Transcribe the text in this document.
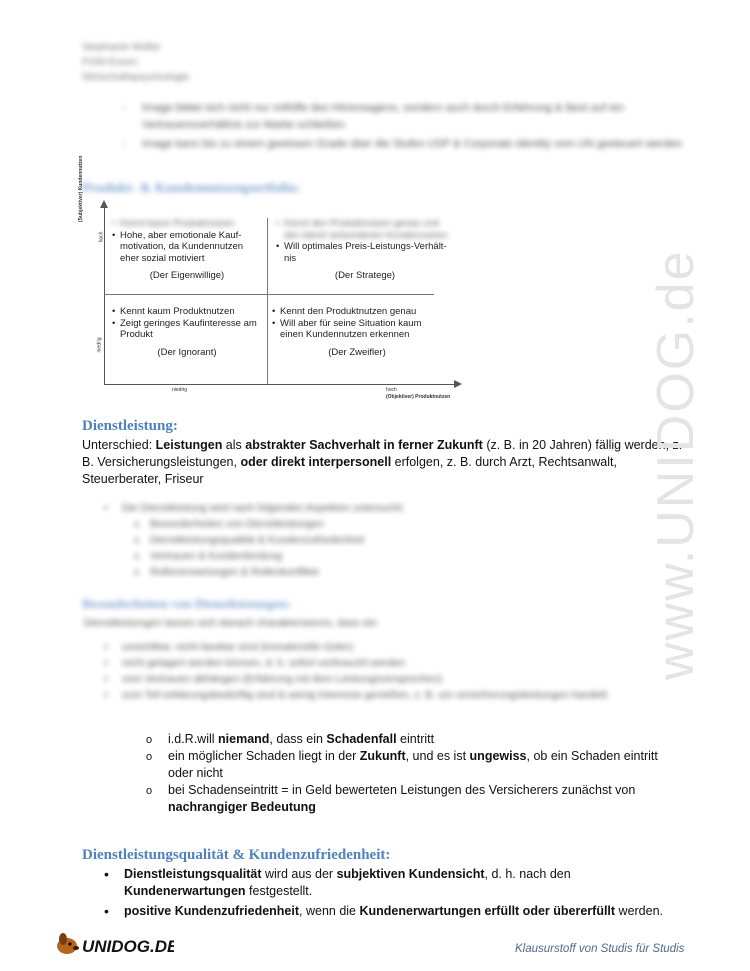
Stephanie Müller
FOM Essen
Wirtschaftspsychologie
- Image bildet sich nicht nur mithilfe des Hörensagens, sondern auch durch Erfahrung & lässt auf ein Vertrauensverhältnis zur Marke schließen.
- Image kann bis zu einem gewissen Grade über die Stufen USP & Corporate Identity vom UN gesteuert werden
Produkt- & Kundennutzenportfolio:
(Subjektiver) Kundennutzen
hoch
niedrig
• Kennt kaum Produktnutzen
• Hohe, aber emotionale Kauf-motivation, da Kundennutzen eher sozial motiviert
(Der Eigenwillige)
• Kennt den Produktnutzen genau und den damit verbundenen Kundennutzen
• Will optimales Preis-Leistungs-Verhält-nis
(Der Stratege)
• Kennt kaum Produktnutzen
• Zeigt geringes Kaufinteresse am Produkt
(Der Ignorant)
• Kennt den Produktnutzen genau
• Will aber für seine Situation kaum einen Kundennutzen erkennen
(Der Zweifler)
niedrig	hoch
(Objektiver) Produktnutzen
Dienstleistung:
Unterschied: Leistungen als abstrakter Sachverhalt in ferner Zukunft (z. B. in 20 Jahren) fällig werden, z. B. Versicherungsleistungen, oder direkt interpersonell erfolgen, z. B. durch Arzt, Rechtsanwalt, Steuerberater, Friseur
• Die Dienstleistung wird nach folgenden Aspekten untersucht:
o Besonderheiten von Dienstleistungen
o Dienstleistungsqualität & Kundenzufriedenheit
o Vertrauen & Kundenbindung
o Rollenerwartungen & Rollenkonflikte
Besonderheiten von Dienstleistungen:
Dienstleistungen lassen sich danach charakterisieren, dass sie:
• unsichtbar, nicht fassbar sind (immaterielle Güter)
• nicht gelagert werden können, d. h. sofort verbraucht werden
• vom Vertrauen abhängen (Erfahrung mit dem Leistungsversprechen)
• zum Teil erklärungsbedürftig sind & wenig Interesse genießen, z. B. um versicherungsleistungen handelt:
o i.d.R.will niemand, dass ein Schadenfall eintritt
o ein möglicher Schaden liegt in der Zukunft, und es ist ungewiss, ob ein Schaden eintritt oder nicht
o bei Schadenseintritt = in Geld bewerteten Leistungen des Versicherers zunächst von nachrangiger Bedeutung
Dienstleistungsqualität & Kundenzufriedenheit:
• Dienstleistungsqualität wird aus der subjektiven Kundensicht, d. h. nach den Kundenerwartungen festgestellt.
• positive Kundenzufriedenheit, wenn die Kundenerwartungen erfüllt oder übererfüllt werden.
www.UNIDOG.de
UNIDOG.DE	Klausurstoff von Studis für Studis
